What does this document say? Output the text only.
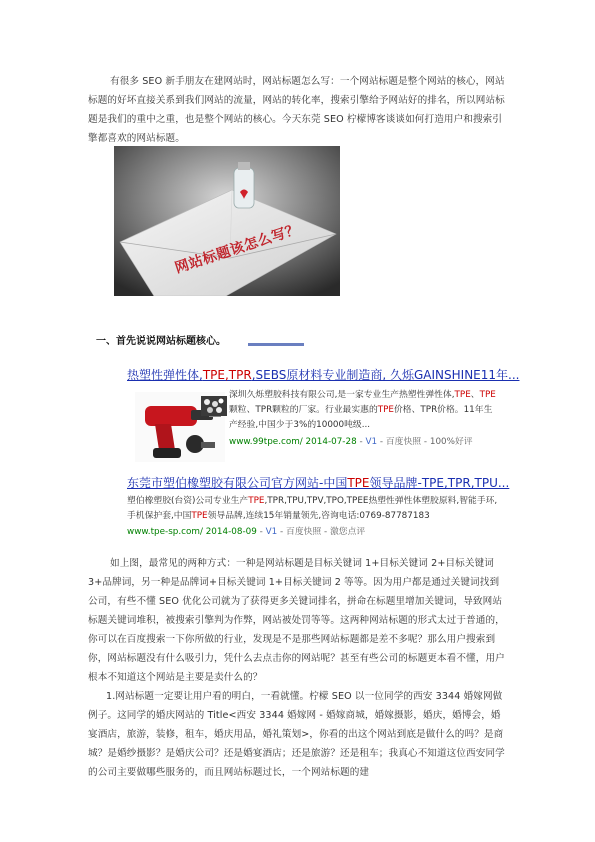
有很多 SEO 新手朋友在建网站时，网站标题怎么写：一个网站标题是整个网站的核心，网站标题的好坏直接关系到我们网站的流量，网站的转化率，搜索引擎给予网站好的排名，所以网站标题是我们的重中之重，也是整个网站的核心。今天东莞 SEO 柠檬博客谈谈如何打造用户和搜索引擎都喜欢的网站标题。
网站标题该怎么写？
一、首先说说网站标题核心。
热塑性弹性体,TPE,TPR,SEBS原材料专业制造商, 久烁GAINSHINE11年...
深圳久烁塑胶科技有限公司,是一家专业生产热塑性弹性体,TPE、TPE颗粒、TPR颗粒的厂家。行业最实惠的TPE价格、TPR价格。11年生产经验,中国少于3%的10000吨级...
www.99tpe.com/ 2014-07-28 - V1 - 百度快照 - 100%好评
东莞市塑伯橡塑胶有限公司官方网站-中国TPE领导品牌-TPE,TPR,TPU...
塑伯橡塑胶(台资)公司专业生产TPE,TPR,TPU,TPV,TPO,TPEE热塑性弹性体塑胶原料,智能手环,手机保护套,中国TPE领导品牌,连续15年销量领先,咨询电话:0769-87787183
www.tpe-sp.com/ 2014-08-09 - V1 - 百度快照 - 激您点评
如上图，最常见的两种方式：一种是网站标题是目标关键词 1+目标关键词 2+目标关键词 3+品牌词，另一种是品牌词+目标关键词 1+目标关键词 2 等等。因为用户都是通过关键词找到公司，有些不懂 SEO 优化公司就为了获得更多关键词排名，拼命在标题里增加关键词，导致网站标题关键词堆积，被搜索引擎判为作弊，网站被处罚等等。这两种网站标题的形式太过于普通的，你可以在百度搜索一下你所做的行业，发现是不是那些网站标题都是差不多呢？那么用户搜索到你，网站标题没有什么吸引力，凭什么去点击你的网站呢？甚至有些公司的标题更本看不懂，用户根本不知道这个网站是主要是卖什么的？
1.网站标题一定要让用户看的明白，一看就懂。柠檬 SEO 以一位同学的西安 3344 婚嫁网做例子。这同学的婚庆网站的 Title<西安 3344 婚嫁网 - 婚嫁商城，婚嫁摄影，婚庆，婚博会，婚宴酒店，旅游，装修，租车，婚庆用品，婚礼策划>，你看的出这个网站到底是做什么的吗？是商城？是婚纱摄影？是婚庆公司？还是婚宴酒店；还是旅游？还是租车；我真心不知道这位西安同学的公司主要做哪些服务的，而且网站标题过长，一个网站标题的建
